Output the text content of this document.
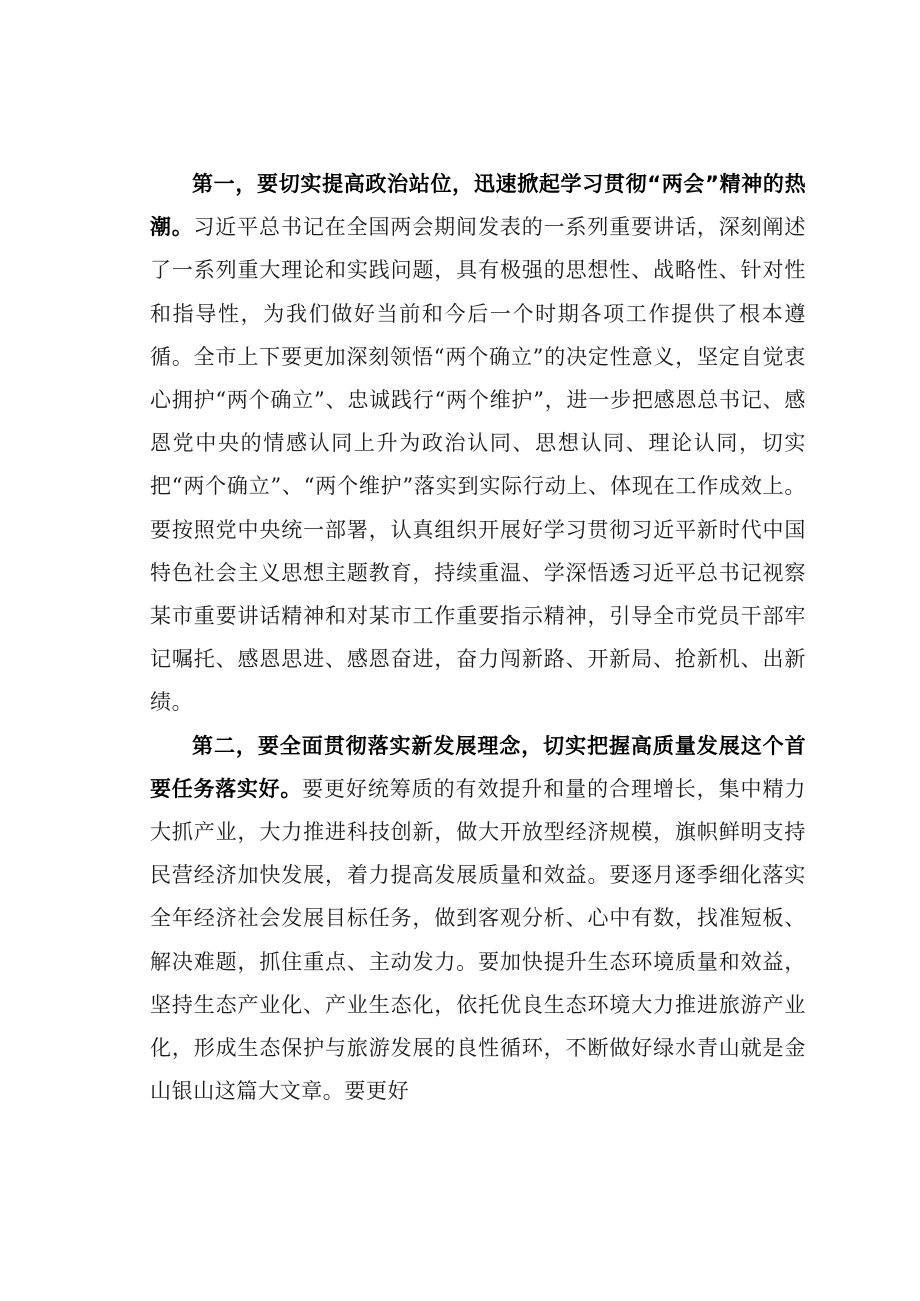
第一，要切实提高政治站位，迅速掀起学习贯彻“两会”精神的热潮。习近平总书记在全国两会期间发表的一系列重要讲话，深刻阐述了一系列重大理论和实践问题，具有极强的思想性、战略性、针对性和指导性，为我们做好当前和今后一个时期各项工作提供了根本遵循。全市上下要更加深刻领悟“两个确立”的决定性意义，坚定自觉衷心拥护“两个确立”、忠诚践行“两个维护”，进一步把感恩总书记、感恩党中央的情感认同上升为政治认同、思想认同、理论认同，切实把“两个确立”、“两个维护”落实到实际行动上、体现在工作成效上。要按照党中央统一部署，认真组织开展好学习贯彻习近平新时代中国特色社会主义思想主题教育，持续重温、学深悟透习近平总书记视察某市重要讲话精神和对某市工作重要指示精神，引导全市党员干部牢记嘱托、感恩思进、感恩奋进，奋力闯新路、开新局、抢新机、出新绩。

第二，要全面贯彻落实新发展理念，切实把握高质量发展这个首要任务落实好。要更好统筹质的有效提升和量的合理增长，集中精力大抓产业，大力推进科技创新，做大开放型经济规模，旗帜鲜明支持民营经济加快发展，着力提高发展质量和效益。要逐月逐季细化落实全年经济社会发展目标任务，做到客观分析、心中有数，找准短板、解决难题，抓住重点、主动发力。要加快提升生态环境质量和效益，坚持生态产业化、产业生态化，依托优良生态环境大力推进旅游产业化，形成生态保护与旅游发展的良性循环，不断做好绿水青山就是金山银山这篇大文章。要更好
